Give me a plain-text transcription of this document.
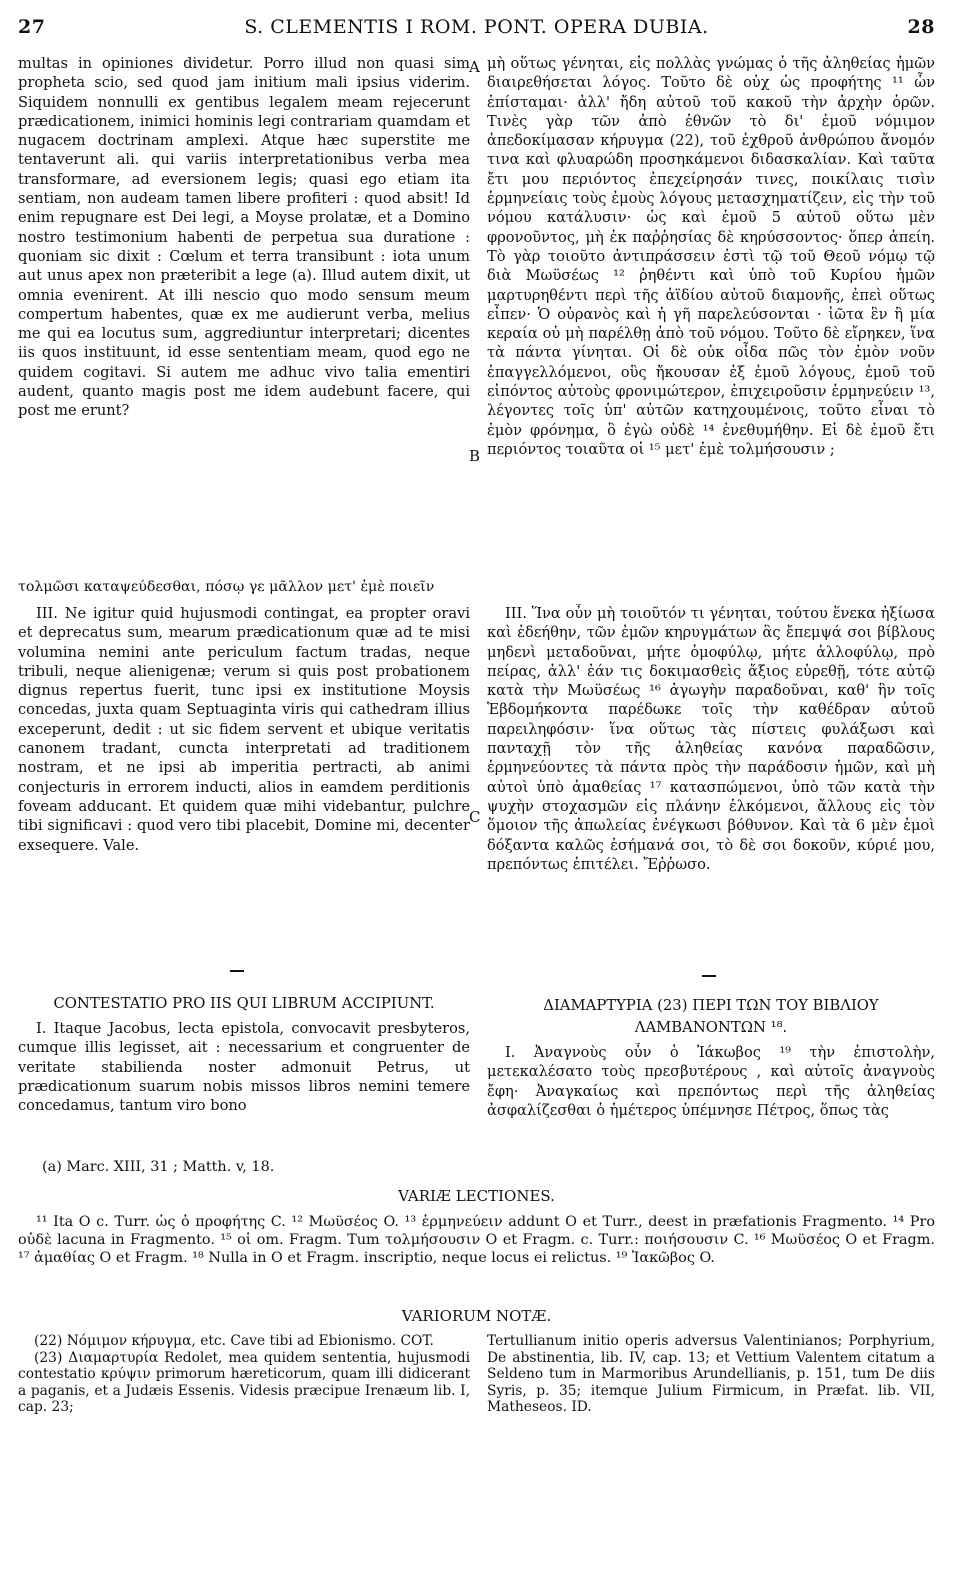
27	S. CLEMENTIS I ROM. PONT. OPERA DUBIA.	28

multas in opiniones dividetur. Porro illud non quasi sim propheta scio, sed quod jam initium mali ipsius viderim. Siquidem nonnulli ex gentibus legalem meam rejecerunt prædicationem, inimici hominis legi contrariam quamdam et nugacem doctrinam amplexi. Atque hæc superstite me tentaverunt ali. qui variis interpretationibus verba mea transformare, ad eversionem legis; quasi ego etiam ita sentiam, non audeam tamen libere profiteri : quod absit! Id enim repugnare est Dei legi, a Moyse prolatæ, et a Domino nostro testimonium habenti de perpetua sua duratione : quoniam sic dixit : Cœlum et terra transibunt : iota unum aut unus apex non præteribit a lege (a). Illud autem dixit, ut omnia evenirent. At illi nescio quo modo sensum meum compertum habentes, quæ ex me audierunt verba, melius me qui ea locutus sum, aggrediuntur interpretari; dicentes iis quos instituunt, id esse sententiam meam, quod ego ne quidem cogitavi. Si autem me adhuc vivo talia ementiri audent, quanto magis post me idem audebunt facere, qui post me erunt?

τολμῶσι καταψεύδεσθαι, πόσῳ γε μᾶλλον μετ' ἐμὲ ποιεῖν

III. Ne igitur quid hujusmodi contingat, ea propter oravi et deprecatus sum, mearum prædicationum quæ ad te misi volumina nemini ante periculum factum tradas, neque tribuli, neque alienigenæ; verum si quis post probationem dignus repertus fuerit, tunc ipsi ex institutione Moysis concedas, juxta quam Septuaginta viris qui cathedram illius exceperunt, dedit : ut sic fidem servent et ubique veritatis canonem tradant, cuncta interpretati ad traditionem nostram, et ne ipsi ab imperitia pertracti, ab animi conjecturis in errorem inducti, alios in eamdem perditionis foveam adducant. Et quidem quæ mihi videbantur, pulchre tibi significavi : quod vero tibi placebit, Domine mi, decenter exsequere. Vale.

μὴ οὕτως γένηται, εἰς πολλὰς γνώμας ὁ τῆς ἀληθείας ἡμῶν διαιρεθήσεται λόγος. Τοῦτο δὲ οὐχ ὡς προφήτης ¹¹ ὧν ἐπίσταμαι· ἀλλ' ἤδη αὐτοῦ τοῦ κακοῦ τὴν ἀρχὴν ὁρῶν. Τινὲς γὰρ τῶν ἀπὸ ἐθνῶν τὸ δι' ἐμοῦ νόμιμον ἀπεδοκίμασαν κήρυγμα (22), τοῦ ἐχθροῦ ἀνθρώπου ἄνομόν τινα καὶ φλυαρώδη προσηκάμενοι διδασκαλίαν. Καὶ ταῦτα ἔτι μου περιόντος ἐπεχείρησάν τινες, ποικίλαις τισὶν ἑρμηνείαις τοὺς ἐμοὺς λόγους μετασχηματίζειν, εἰς τὴν τοῦ νόμου κατάλυσιν· ὡς καὶ ἐμοῦ 5 αὐτοῦ οὕτω μὲν φρονοῦντος, μὴ ἐκ παῤῥησίας δὲ κηρύσσοντος· ὅπερ ἀπείη. Τὸ γὰρ τοιοῦτο ἀντιπράσσειν ἐστὶ τῷ τοῦ Θεοῦ νόμῳ τῷ διὰ Μωϋσέως ¹² ῥηθέντι καὶ ὑπὸ τοῦ Κυρίου ἡμῶν μαρτυρηθέντι περὶ τῆς ἀϊδίου αὐτοῦ διαμονῆς, ἐπεὶ οὕτως εἶπεν· Ὁ οὐρανὸς καὶ ἡ γῆ παρελεύσονται · ἰῶτα ἓν ἢ μία κεραία οὐ μὴ παρέλθῃ ἀπὸ τοῦ νόμου. Τοῦτο δὲ εἴρηκεν, ἵνα τὰ πάντα γίνηται. Οἱ δὲ οὐκ οἶδα πῶς τὸν ἐμὸν νοῦν ἐπαγγελλόμενοι, οὓς ἤκουσαν ἐξ ἐμοῦ λόγους, ἐμοῦ τοῦ εἰπόντος αὐτοὺς φρονιμώτερον, ἐπιχειροῦσιν ἑρμηνεύειν ¹³, λέγοντες τοῖς ὑπ' αὐτῶν κατηχουμένοις, τοῦτο εἶναι τὸ ἐμὸν φρόνημα, ὃ ἐγὼ οὐδὲ ¹⁴ ἐνεθυμήθην. Εἰ δὲ ἐμοῦ ἔτι περιόντος τοιαῦτα οἱ ¹⁵ μετ' ἐμὲ τολμήσουσιν ;

III. Ἵνα οὖν μὴ τοιοῦτόν τι γένηται, τούτου ἕνεκα ἠξίωσα καὶ ἐδεήθην, τῶν ἐμῶν κηρυγμάτων ἃς ἔπεμψά σοι βίβλους μηδενὶ μεταδοῦναι, μήτε ὁμοφύλῳ, μήτε ἀλλοφύλῳ, πρὸ πείρας, ἀλλ' ἐάν τις δοκιμασθεὶς ἄξιος εὑρεθῇ, τότε αὐτῷ κατὰ τὴν Μωϋσέως ¹⁶ ἀγωγὴν παραδοῦναι, καθ' ἣν τοῖς Ἑβδομήκοντα παρέδωκε τοῖς τὴν καθέδραν αὐτοῦ παρειληφόσιν· ἵνα οὕτως τὰς πίστεις φυλάξωσι καὶ πανταχῇ τὸν τῆς ἀληθείας κανόνα παραδῶσιν, ἑρμηνεύοντες τὰ πάντα πρὸς τὴν παράδοσιν ἡμῶν, καὶ μὴ αὐτοὶ ὑπὸ ἀμαθείας ¹⁷ κατασπώμενοι, ὑπὸ τῶν κατὰ τὴν ψυχὴν στοχασμῶν εἰς πλάνην ἑλκόμενοι, ἄλλους εἰς τὸν ὅμοιον τῆς ἀπωλείας ἐνέγκωσι βόθυνον. Καὶ τὰ 6 μὲν ἐμοὶ δόξαντα καλῶς ἐσήμανά σοι, τὸ δὲ σοι δοκοῦν, κύριέ μου, πρεπόντως ἐπιτέλει. Ἔῤῥωσο.

A
B
C
CONTESTATIO PRO IIS QUI LIBRUM ACCIPIUNT.	ΔΙΑΜΑΡΤΥΡΙΑ (23) ΠΕΡΙ ΤΩΝ ΤΟΥ ΒΙΒΛΙΟΥ
ΛΑΜΒΑΝΟΝΤΩΝ ¹⁸.

I. Itaque Jacobus, lecta epistola, convocavit presbyteros, cumque illis legisset, ait : necessarium et congruenter de veritate stabilienda noster admonuit Petrus, ut prædicationum suarum nobis missos libros nemini temere concedamus, tantum viro bono

I. Ἀναγνοὺς οὖν ὁ Ἰάκωβος ¹⁹ τὴν ἐπιστολὴν, μετεκαλέσατο τοὺς πρεσβυτέρους , καὶ αὐτοῖς ἀναγνοὺς ἔφη· Ἀναγκαίως καὶ πρεπόντως περὶ τῆς ἀληθείας ἀσφαλίζεσθαι ὁ ἡμέτερος ὑπέμνησε Πέτρος, ὅπως τὰς

(a) Marc. XIII, 31 ; Matth. v, 18.
VARIÆ LECTIONES.

¹¹ Ita O c. Turr. ὡς ὁ προφήτης C. ¹² Μωϋσέος O. ¹³ ἑρμηνεύειν addunt O et Turr., deest in præfationis Fragmento. ¹⁴ Pro οὐδὲ lacuna in Fragmento. ¹⁵ οἱ om. Fragm. Tum τολμήσουσιν O et Fragm. c. Turr.: ποιήσουσιν C. ¹⁶ Μωϋσέος O et Fragm. ¹⁷ ἀμαθίας O et Fragm. ¹⁸ Nulla in O et Fragm. inscriptio, neque locus ei relictus. ¹⁹ Ἰακῶβος O.

VARIORUM NOTÆ.

(22) Νόμιμον κήρυγμα, etc. Cave tibi ad Ebionismo. COT.

(23) Διαμαρτυρία Redolet, mea quidem sententia, hujusmodi contestatio κρύψιν primorum hæreticorum, quam illi didicerant a paganis, et a Judæis Essenis. Videsis præcipue Irenæum lib. I, cap. 23;

Tertullianum initio operis adversus Valentinianos; Porphyrium, De abstinentia, lib. IV, cap. 13; et Vettium Valentem citatum a Seldeno tum in Marmoribus Arundellianis, p. 151, tum De diis Syris, p. 35; itemque Julium Firmicum, in Præfat. lib. VII, Matheseos. ID.
